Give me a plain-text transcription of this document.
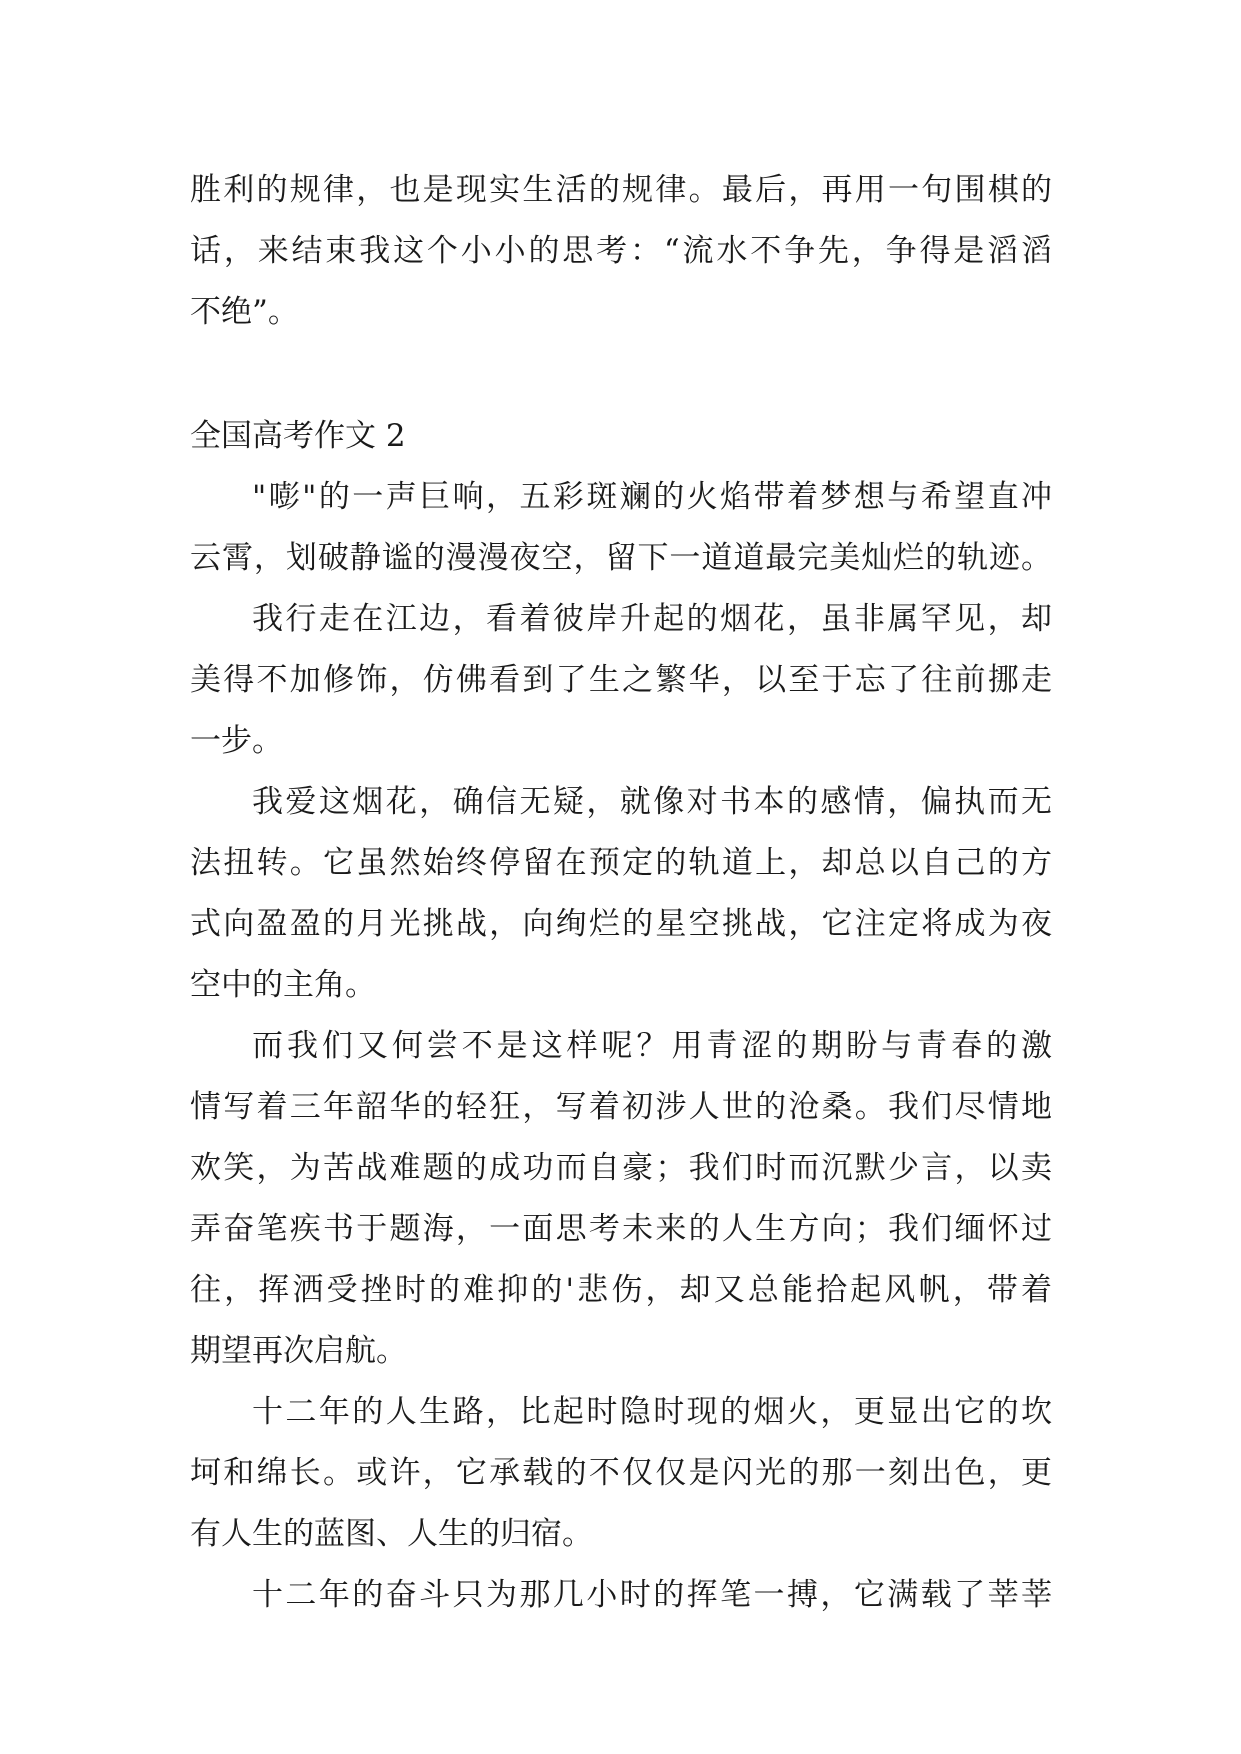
胜利的规律，也是现实生活的规律。最后，再用一句围棋的
话，来结束我这个小小的思考：“流水不争先，争得是滔滔
不绝”。
全国高考作文 2
"嘭"的一声巨响，五彩斑斓的火焰带着梦想与希望直冲
云霄，划破静谧的漫漫夜空，留下一道道最完美灿烂的轨迹。
我行走在江边，看着彼岸升起的烟花，虽非属罕见，却
美得不加修饰，仿佛看到了生之繁华，以至于忘了往前挪走
一步。
我爱这烟花，确信无疑，就像对书本的感情，偏执而无
法扭转。它虽然始终停留在预定的轨道上，却总以自己的方
式向盈盈的月光挑战，向绚烂的星空挑战，它注定将成为夜
空中的主角。
而我们又何尝不是这样呢？用青涩的期盼与青春的激
情写着三年韶华的轻狂，写着初涉人世的沧桑。我们尽情地
欢笑，为苦战难题的成功而自豪；我们时而沉默少言，以卖
弄奋笔疾书于题海，一面思考未来的人生方向；我们缅怀过
往，挥洒受挫时的难抑的'悲伤，却又总能拾起风帆，带着
期望再次启航。
十二年的人生路，比起时隐时现的烟火，更显出它的坎
坷和绵长。或许，它承载的不仅仅是闪光的那一刻出色，更
有人生的蓝图、人生的归宿。
十二年的奋斗只为那几小时的挥笔一搏，它满载了莘莘
